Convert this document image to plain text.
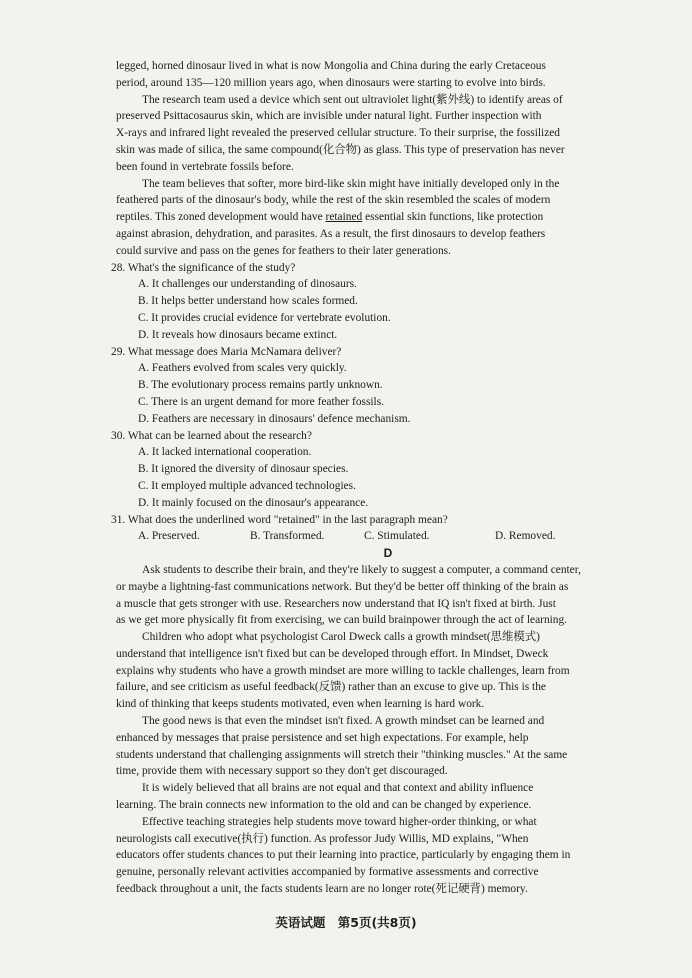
legged, horned dinosaur lived in what is now Mongolia and China during the early Cretaceous
period, around 135—120 million years ago, when dinosaurs were starting to evolve into birds.
The research team used a device which sent out ultraviolet light(紫外线) to identify areas of
preserved Psittacosaurus skin, which are invisible under natural light. Further inspection with
X-rays and infrared light revealed the preserved cellular structure. To their surprise, the fossilized
skin was made of silica, the same compound(化合物) as glass. This type of preservation has never
been found in vertebrate fossils before.
The team believes that softer, more bird-like skin might have initially developed only in the
feathered parts of the dinosaur's body, while the rest of the skin resembled the scales of modern
reptiles. This zoned development would have retained essential skin functions, like protection
against abrasion, dehydration, and parasites. As a result, the first dinosaurs to develop feathers
could survive and pass on the genes for feathers to their later generations.
28. What's the significance of the study?
A. It challenges our understanding of dinosaurs.
B. It helps better understand how scales formed.
C. It provides crucial evidence for vertebrate evolution.
D. It reveals how dinosaurs became extinct.
29. What message does Maria McNamara deliver?
A. Feathers evolved from scales very quickly.
B. The evolutionary process remains partly unknown.
C. There is an urgent demand for more feather fossils.
D. Feathers are necessary in dinosaurs' defence mechanism.
30. What can be learned about the research?
A. It lacked international cooperation.
B. It ignored the diversity of dinosaur species.
C. It employed multiple advanced technologies.
D. It mainly focused on the dinosaur's appearance.
31. What does the underlined word "retained" in the last paragraph mean?
A. Preserved.	B. Transformed.	C. Stimulated.	D. Removed.
D
Ask students to describe their brain, and they're likely to suggest a computer, a command center,
or maybe a lightning-fast communications network. But they'd be better off thinking of the brain as
a muscle that gets stronger with use. Researchers now understand that IQ isn't fixed at birth. Just
as we get more physically fit from exercising, we can build brainpower through the act of learning.
Children who adopt what psychologist Carol Dweck calls a growth mindset(思维模式)
understand that intelligence isn't fixed but can be developed through effort. In Mindset, Dweck
explains why students who have a growth mindset are more willing to tackle challenges, learn from
failure, and see criticism as useful feedback(反馈) rather than an excuse to give up. This is the
kind of thinking that keeps students motivated, even when learning is hard work.
The good news is that even the mindset isn't fixed. A growth mindset can be learned and
enhanced by messages that praise persistence and set high expectations. For example, help
students understand that challenging assignments will stretch their "thinking muscles." At the same
time, provide them with necessary support so they don't get discouraged.
It is widely believed that all brains are not equal and that context and ability influence
learning. The brain connects new information to the old and can be changed by experience.
Effective teaching strategies help students move toward higher-order thinking, or what
neurologists call executive(执行) function. As professor Judy Willis, MD explains, "When
educators offer students chances to put their learning into practice, particularly by engaging them in
genuine, personally relevant activities accompanied by formative assessments and corrective
feedback throughout a unit, the facts students learn are no longer rote(死记硬背) memory.
英语试题 第5页(共8页)
